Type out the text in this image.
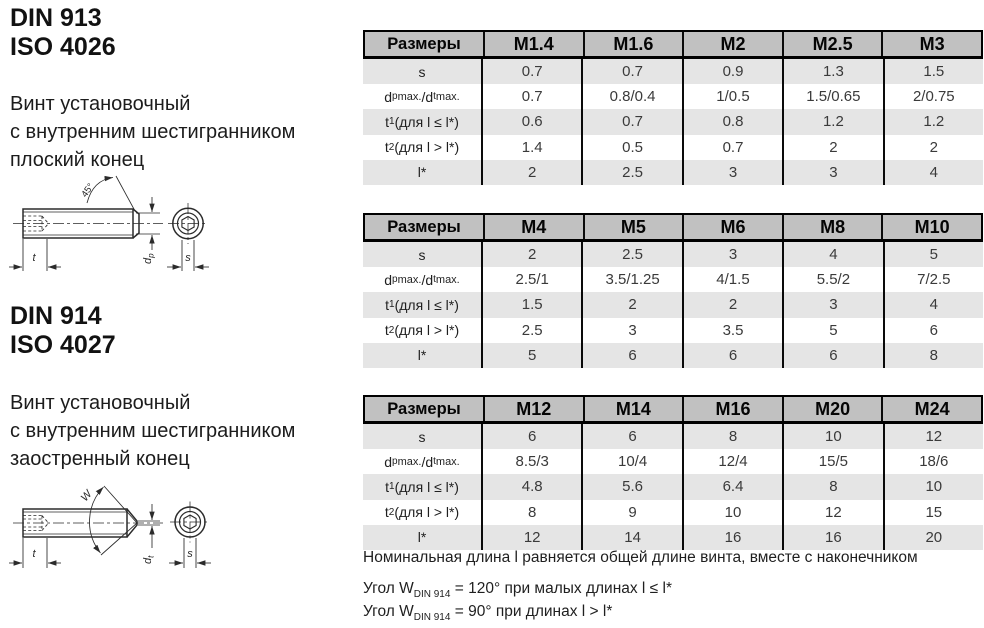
DIN 913
ISO 4026
Винт установочный
с внутренним шестигранником
плоский конец
45°
$d_p$
t	s
DIN 914
ISO 4027
Винт установочный
с внутренним шестигранником
заостренный конец
W
$d_t$
t	s
Размеры	M1.4	M1.6	M2	M2.5	M3
s	0.7	0.7	0.9	1.3	1.5
d p max. /d t max.	0.7	0.8/0.4	1/0.5	1.5/0.65	2/0.75
t 1 (для l ≤ l*)	0.6	0.7	0.8	1.2	1.2
t 2 (для l > l*)	1.4	0.5	0.7	2	2
l*	2	2.5	3	3	4
Размеры	M4	M5	M6	M8	M10
s	2	2.5	3	4	5
d p max. /d t max.	2.5/1	3.5/1.25	4/1.5	5.5/2	7/2.5
t 1 (для l ≤ l*)	1.5	2	2	3	4
t 2 (для l > l*)	2.5	3	3.5	5	6
l*	5	6	6	6	8
Размеры	M12	M14	M16	M20	M24
s	6	6	8	10	12
d p max. /d t max.	8.5/3	10/4	12/4	15/5	18/6
t 1 (для l ≤ l*)	4.8	5.6	6.4	8	10
t 2 (для l > l*)	8	9	10	12	15
l*	12	14	16	16	20
Номинальная длина l равняется общей длине винта, вместе с наконечником
Угол $W_{DIN 914} = 120^\circ$ при малых длинах l ≤ l*
Угол $W_{DIN 914} = 90^\circ$ при длинах l > l*
